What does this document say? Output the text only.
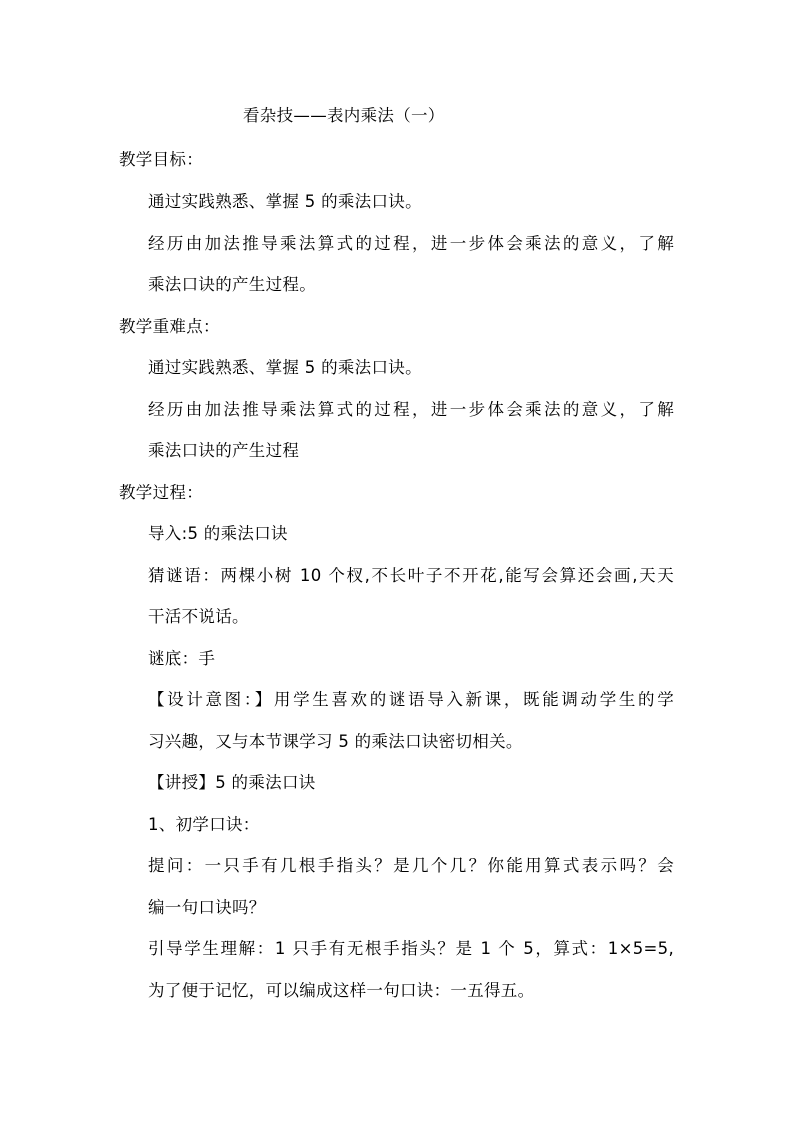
看杂技——表内乘法（一）
教学目标：
通过实践熟悉、掌握 5 的乘法口诀。
经历由加法推导乘法算式的过程，进一步体会乘法的意义，了解
乘法口诀的产生过程。
教学重难点：
通过实践熟悉、掌握 5 的乘法口诀。
经历由加法推导乘法算式的过程，进一步体会乘法的意义，了解
乘法口诀的产生过程
教学过程：
导入:5 的乘法口诀
猜谜语：两棵小树 10 个杈,不长叶子不开花,能写会算还会画,天天
干活不说话。
谜底：手
【设计意图：】用学生喜欢的谜语导入新课，既能调动学生的学
习兴趣，又与本节课学习 5 的乘法口诀密切相关。
【讲授】5 的乘法口诀
1、初学口诀：
提问：一只手有几根手指头？是几个几？你能用算式表示吗？会
编一句口诀吗？
引导学生理解：1 只手有无根手指头？是 1 个 5，算式：1×5=5,
为了便于记忆，可以编成这样一句口诀：一五得五。
